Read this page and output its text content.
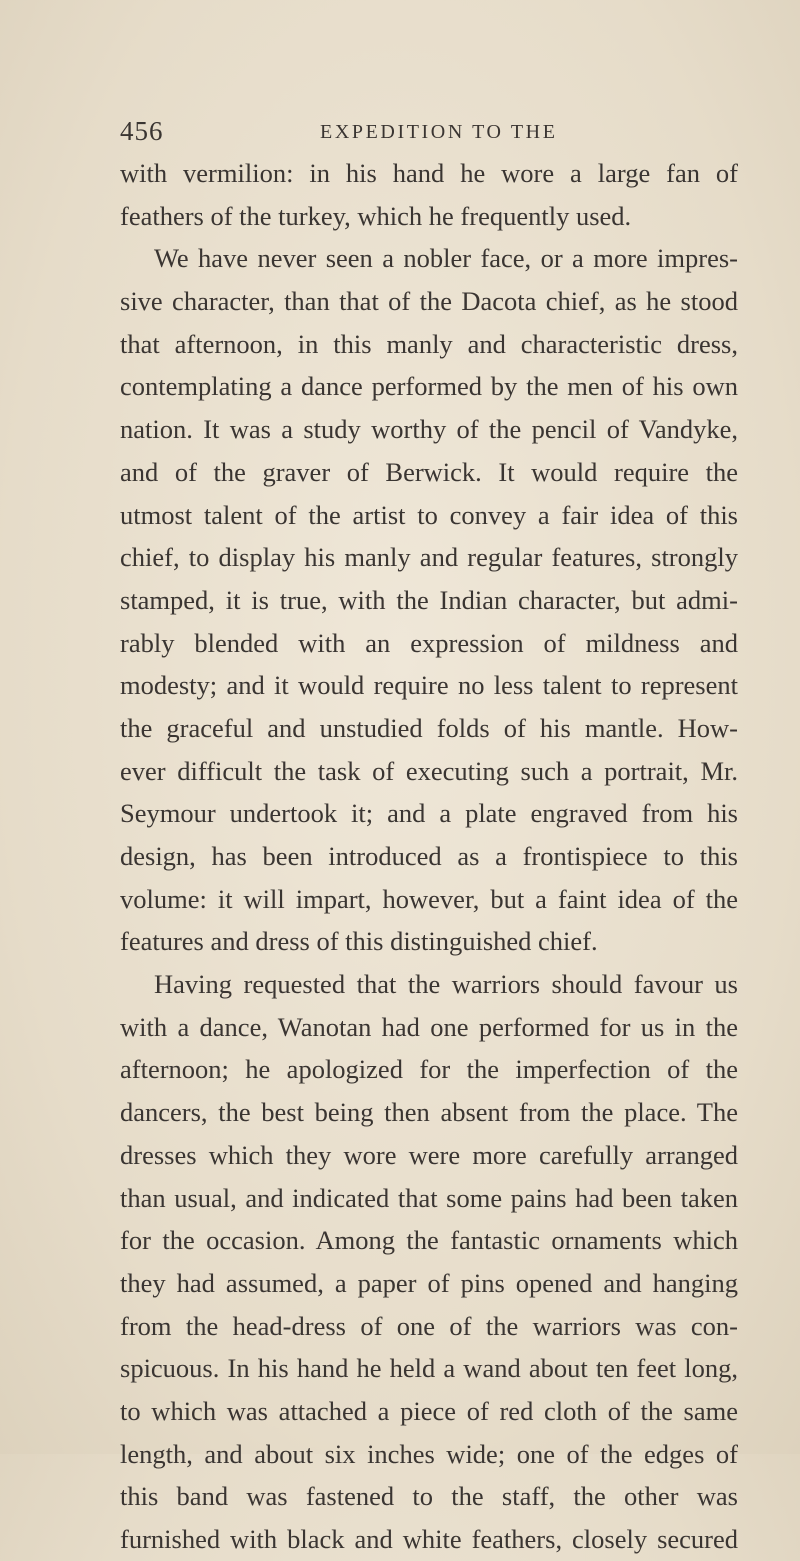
456	EXPEDITION TO THE
with vermilion: in his hand he wore a large fan of
feathers of the turkey, which he frequently used.
We have never seen a nobler face, or a more impres-
sive character, than that of the Dacota chief, as he stood
that afternoon, in this manly and characteristic dress,
contemplating a dance performed by the men of his own
nation. It was a study worthy of the pencil of Vandyke,
and of the graver of Berwick. It would require the
utmost talent of the artist to convey a fair idea of this
chief, to display his manly and regular features, strongly
stamped, it is true, with the Indian character, but admi-
rably blended with an expression of mildness and
modesty; and it would require no less talent to represent
the graceful and unstudied folds of his mantle. How-
ever difficult the task of executing such a portrait, Mr.
Seymour undertook it; and a plate engraved from his
design, has been introduced as a frontispiece to this
volume: it will impart, however, but a faint idea of the
features and dress of this distinguished chief.
Having requested that the warriors should favour us
with a dance, Wanotan had one performed for us in the
afternoon; he apologized for the imperfection of the
dancers, the best being then absent from the place. The
dresses which they wore were more carefully arranged
than usual, and indicated that some pains had been taken
for the occasion. Among the fantastic ornaments which
they had assumed, a paper of pins opened and hanging
from the head-dress of one of the warriors was con-
spicuous. In his hand he held a wand about ten feet long,
to which was attached a piece of red cloth of the same
length, and about six inches wide; one of the edges of
this band was fastened to the staff, the other was
furnished with black and white feathers, closely secured
